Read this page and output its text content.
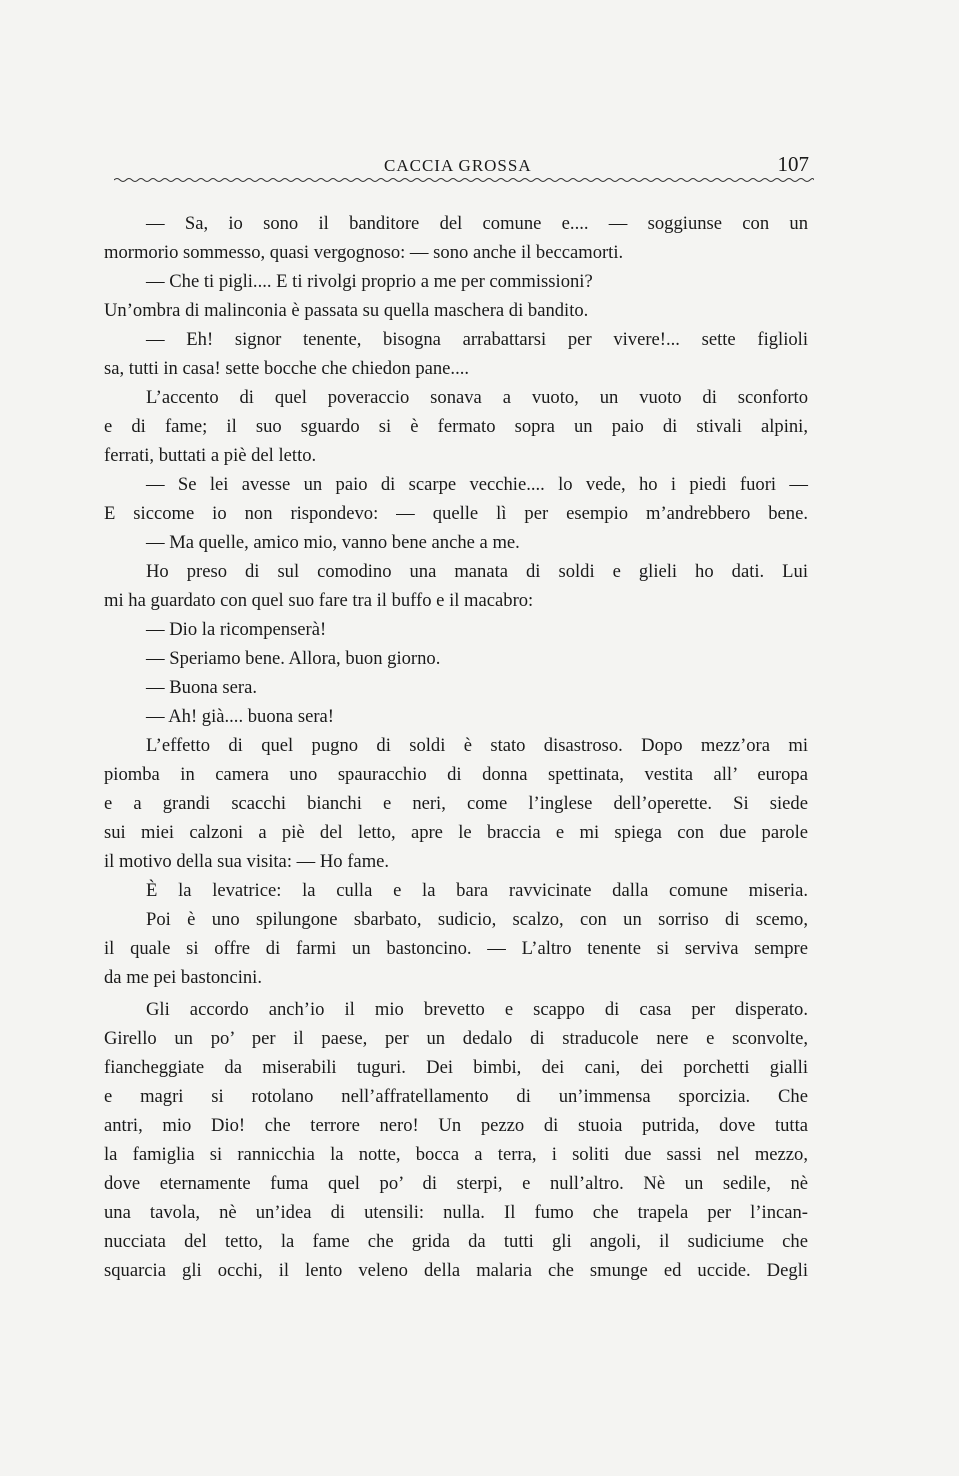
CACCIA GROSSA	107
— Sa, io sono il banditore del comune e.... — soggiunse con un
mormorio sommesso, quasi vergognoso: — sono anche il beccamorti.
— Che ti pigli.... E ti rivolgi proprio a me per commissioni?
Un’ombra di malinconia è passata su quella maschera di bandito.
— Eh! signor tenente, bisogna arrabattarsi per vivere!... sette figlioli
sa, tutti in casa! sette bocche che chiedon pane....
L’accento di quel poveraccio sonava a vuoto, un vuoto di sconforto
e di fame; il suo sguardo si è fermato sopra un paio di stivali alpini,
ferrati, buttati a piè del letto.
— Se lei avesse un paio di scarpe vecchie.... lo vede, ho i piedi fuori —
E siccome io non rispondevo: — quelle lì per esempio m’andrebbero bene.
— Ma quelle, amico mio, vanno bene anche a me.
Ho preso di sul comodino una manata di soldi e glieli ho dati. Lui
mi ha guardato con quel suo fare tra il buffo e il macabro:
— Dio la ricompenserà!
— Speriamo bene. Allora, buon giorno.
— Buona sera.
— Ah! già.... buona sera!
L’effetto di quel pugno di soldi è stato disastroso. Dopo mezz’ora mi
piomba in camera uno spauracchio di donna spettinata, vestita all’ europa
e a grandi scacchi bianchi e neri, come l’inglese dell’operette. Si siede
sui miei calzoni a piè del letto, apre le braccia e mi spiega con due parole
il motivo della sua visita: — Ho fame.
È la levatrice: la culla e la bara ravvicinate dalla comune miseria.
Poi è uno spilungone sbarbato, sudicio, scalzo, con un sorriso di scemo,
il quale si offre di farmi un bastoncino. — L’altro tenente si serviva sempre
da me pei bastoncini.
Gli accordo anch’io il mio brevetto e scappo di casa per disperato.
Girello un po’ per il paese, per un dedalo di straducole nere e sconvolte,
fiancheggiate da miserabili tuguri. Dei bimbi, dei cani, dei porchetti gialli
e magri si rotolano nell’affratellamento di un’immensa sporcizia. Che
antri, mio Dio! che terrore nero! Un pezzo di stuoia putrida, dove tutta
la famiglia si rannicchia la notte, bocca a terra, i soliti due sassi nel mezzo,
dove eternamente fuma quel po’ di sterpi, e null’altro. Nè un sedile, nè
una tavola, nè un’idea di utensili: nulla. Il fumo che trapela per l’incan-
nucciata del tetto, la fame che grida da tutti gli angoli, il sudiciume che
squarcia gli occhi, il lento veleno della malaria che smunge ed uccide. Degli
